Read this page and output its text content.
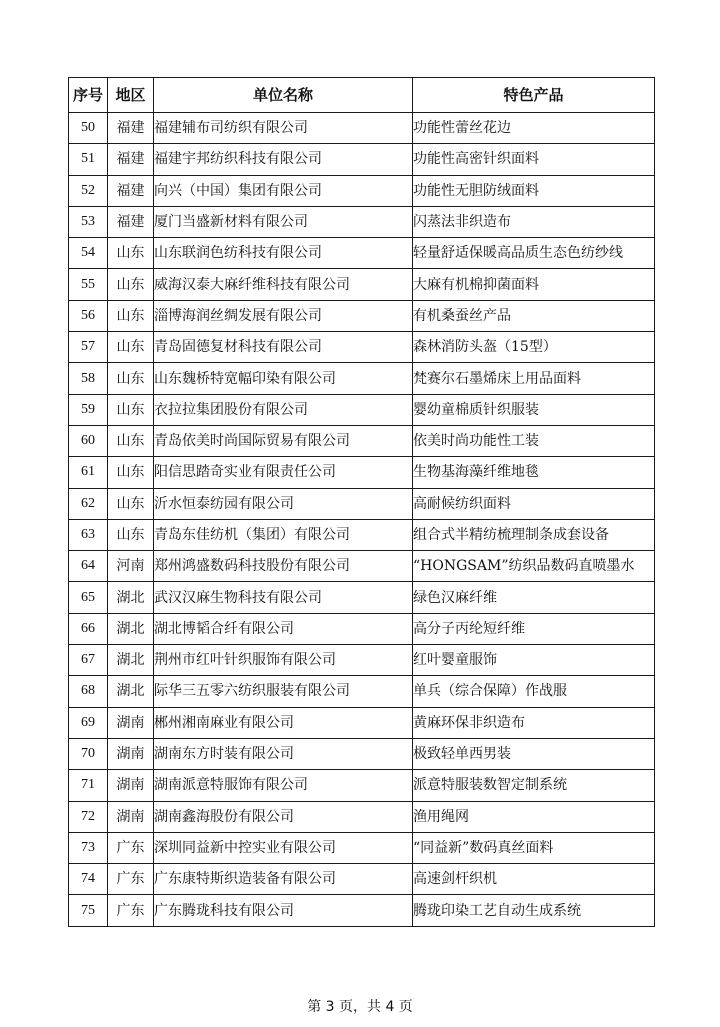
序号	地区	单位名称	特色产品
50	福建	福建辅布司纺织有限公司	功能性蕾丝花边
51	福建	福建宇邦纺织科技有限公司	功能性高密针织面料
52	福建	向兴（中国）集团有限公司	功能性无胆防绒面料
53	福建	厦门当盛新材料有限公司	闪蒸法非织造布
54	山东	山东联润色纺科技有限公司	轻量舒适保暖高品质生态色纺纱线
55	山东	威海汉泰大麻纤维科技有限公司	大麻有机棉抑菌面料
56	山东	淄博海润丝绸发展有限公司	有机桑蚕丝产品
57	山东	青岛固德复材科技有限公司	森林消防头盔（15型）
58	山东	山东魏桥特宽幅印染有限公司	梵赛尔石墨烯床上用品面料
59	山东	衣拉拉集团股份有限公司	婴幼童棉质针织服装
60	山东	青岛依美时尚国际贸易有限公司	依美时尚功能性工装
61	山东	阳信思踏奇实业有限责任公司	生物基海藻纤维地毯
62	山东	沂水恒泰纺园有限公司	高耐候纺织面料
63	山东	青岛东佳纺机（集团）有限公司	组合式半精纺梳理制条成套设备
64	河南	郑州鸿盛数码科技股份有限公司	“HONGSAM”纺织品数码直喷墨水
65	湖北	武汉汉麻生物科技有限公司	绿色汉麻纤维
66	湖北	湖北博韬合纤有限公司	高分子丙纶短纤维
67	湖北	荆州市红叶针织服饰有限公司	红叶婴童服饰
68	湖北	际华三五零六纺织服装有限公司	单兵（综合保障）作战服
69	湖南	郴州湘南麻业有限公司	黄麻环保非织造布
70	湖南	湖南东方时装有限公司	极致轻单西男装
71	湖南	湖南派意特服饰有限公司	派意特服装数智定制系统
72	湖南	湖南鑫海股份有限公司	渔用绳网
73	广东	深圳同益新中控实业有限公司	“同益新”数码真丝面料
74	广东	广东康特斯织造装备有限公司	高速剑杆织机
75	广东	广东腾珑科技有限公司	腾珑印染工艺自动生成系统
第 3 页，共 4 页
